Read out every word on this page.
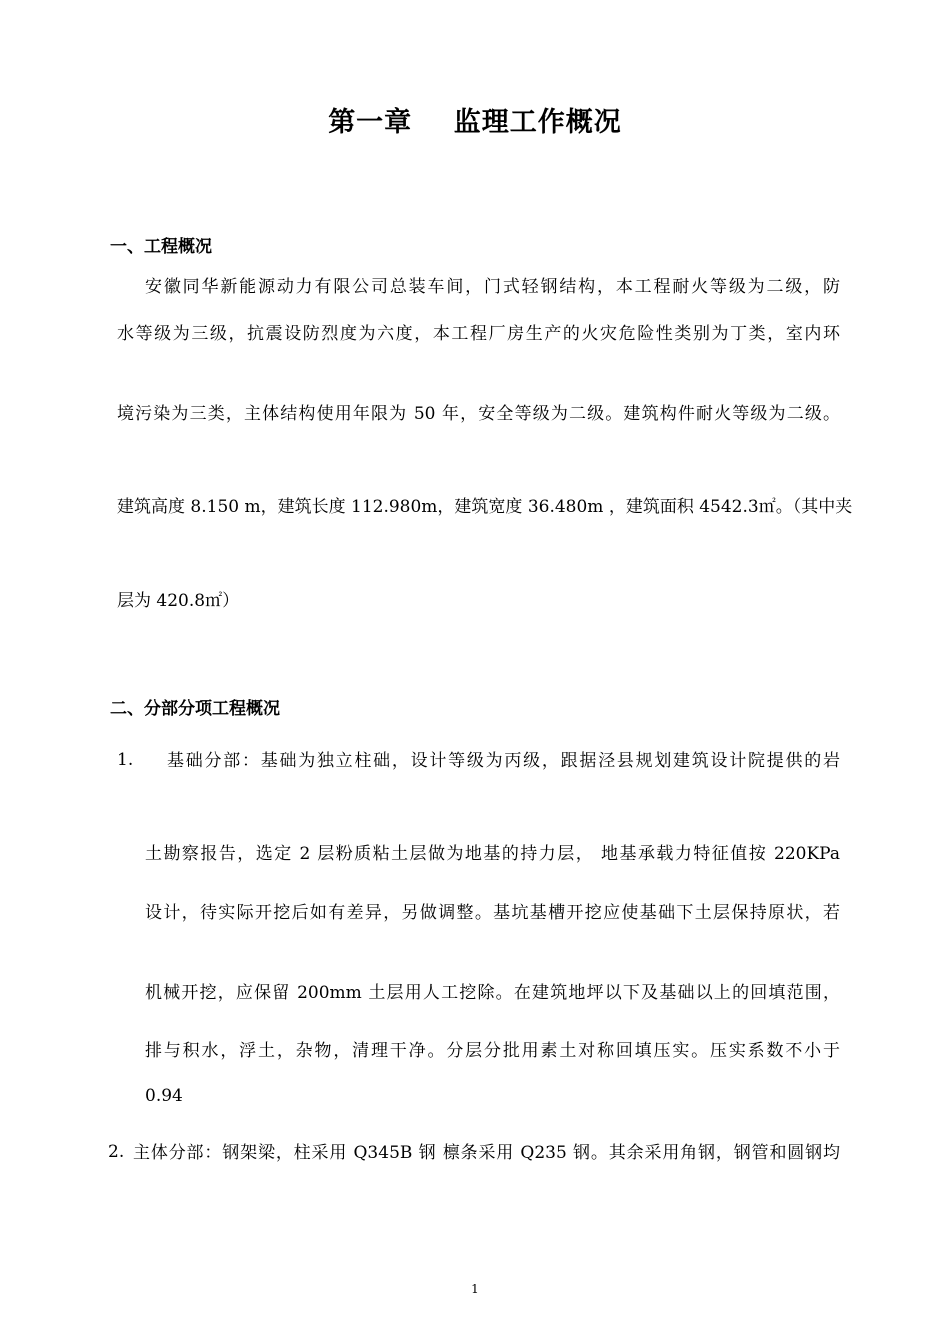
第一章    监理工作概况
一、工程概况
安徽同华新能源动力有限公司总装车间，门式轻钢结构，本工程耐火等级为二级，防
水等级为三级，抗震设防烈度为六度，本工程厂房生产的火灾危险性类别为丁类，室内环
境污染为三类，主体结构使用年限为 50 年，安全等级为二级。建筑构件耐火等级为二级。
建筑高度 8.150 m，建筑长度 112.980m，建筑宽度 36.480m ，建筑面积 4542.3㎡。（其中夹
层为 420.8㎡）
二、分部分项工程概况
1. 基础分部：基础为独立柱础，设计等级为丙级，跟据泾县规划建筑设计院提供的岩
土勘察报告，选定 2 层粉质粘土层做为地基的持力层， 地基承载力特征值按 220KPa
设计，待实际开挖后如有差异，另做调整。基坑基槽开挖应使基础下土层保持原状，若
机械开挖，应保留 200mm 土层用人工挖除。在建筑地坪以下及基础以上的回填范围，
排与积水，浮土，杂物，清理干净。分层分批用素土对称回填压实。压实系数不小于
0.94
2. 主体分部：钢架梁，柱采用 Q345B 钢 檩条采用 Q235 钢。其余采用角钢，钢管和圆钢均
1
